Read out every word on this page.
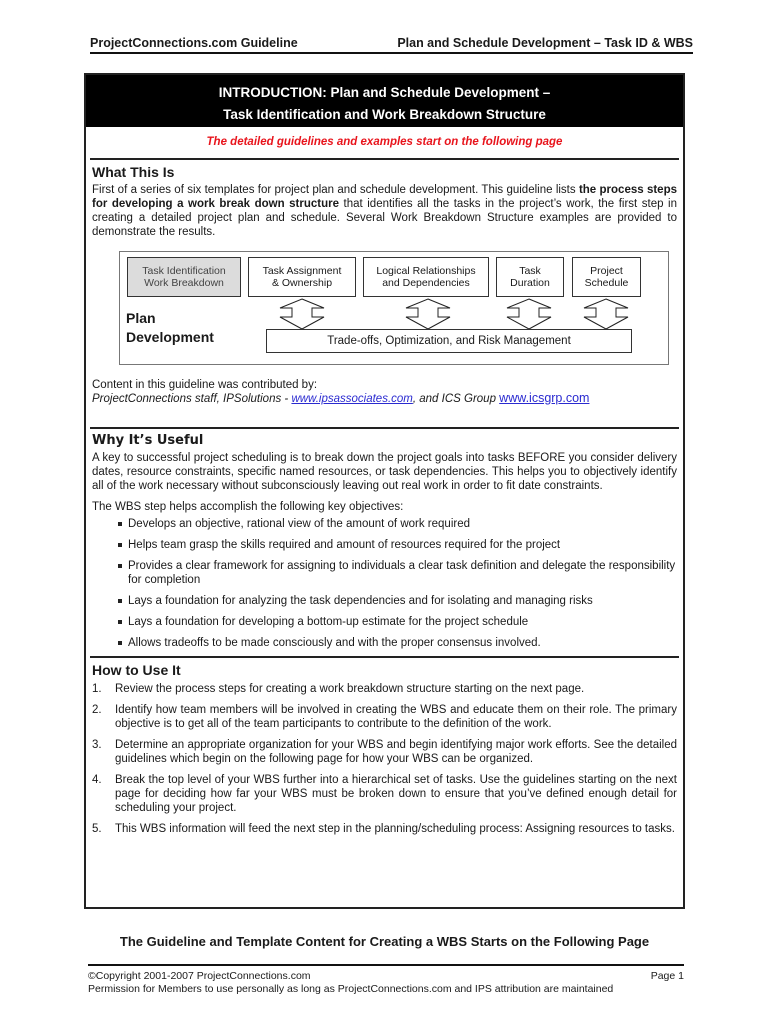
ProjectConnections.com Guideline	Plan and Schedule Development – Task ID & WBS
INTRODUCTION: Plan and Schedule Development –
Task Identification and Work Breakdown Structure
The detailed guidelines and examples start on the following page
What This Is

First of a series of six templates for project plan and schedule development. This guideline lists the process steps for developing a work break down structure that identifies all the tasks in the project’s work, the first step in creating a detailed project plan and schedule. Several Work Breakdown Structure examples are provided to demonstrate the results.

Task Identification
Work Breakdown
Task Assignment
& Ownership
Logical Relationships
and Dependencies
Task
Duration
Project
Schedule
Plan
Development	Trade-offs, Optimization, and Risk Management
Content in this guideline was contributed by:
ProjectConnections staff, IPSolutions - www.ipsassociates.com, and ICS Group www.icsgrp.com
Why It’s Useful

A key to successful project scheduling is to break down the project goals into tasks BEFORE you consider delivery dates, resource constraints, specific named resources, or task dependencies. This helps you to objectively identify all of the work necessary without subconsciously leaving out real work in order to fit date constraints.

The WBS step helps accomplish the following key objectives:

Develops an objective, rational view of the amount of work required
Helps team grasp the skills required and amount of resources required for the project
Provides a clear framework for assigning to individuals a clear task definition and delegate the responsibility for completion
Lays a foundation for analyzing the task dependencies and for isolating and managing risks
Lays a foundation for developing a bottom-up estimate for the project schedule
Allows tradeoffs to be made consciously and with the proper consensus involved.
How to Use It
1.	Review the process steps for creating a work breakdown structure starting on the next page.
2.	Identify how team members will be involved in creating the WBS and educate them on their role. The primary objective is to get all of the team participants to contribute to the definition of the work.
3.	Determine an appropriate organization for your WBS and begin identifying major work efforts. See the detailed guidelines which begin on the following page for how your WBS can be organized.
4.	Break the top level of your WBS further into a hierarchical set of tasks. Use the guidelines starting on the next page for deciding how far your WBS must be broken down to ensure that you’ve defined enough detail for scheduling your project.
5.	This WBS information will feed the next step in the planning/scheduling process: Assigning resources to tasks.
The Guideline and Template Content for Creating a WBS Starts on the Following Page
©Copyright 2001-2007 ProjectConnections.com	Page 1
Permission for Members to use personally as long as ProjectConnections.com and IPS attribution are maintained
